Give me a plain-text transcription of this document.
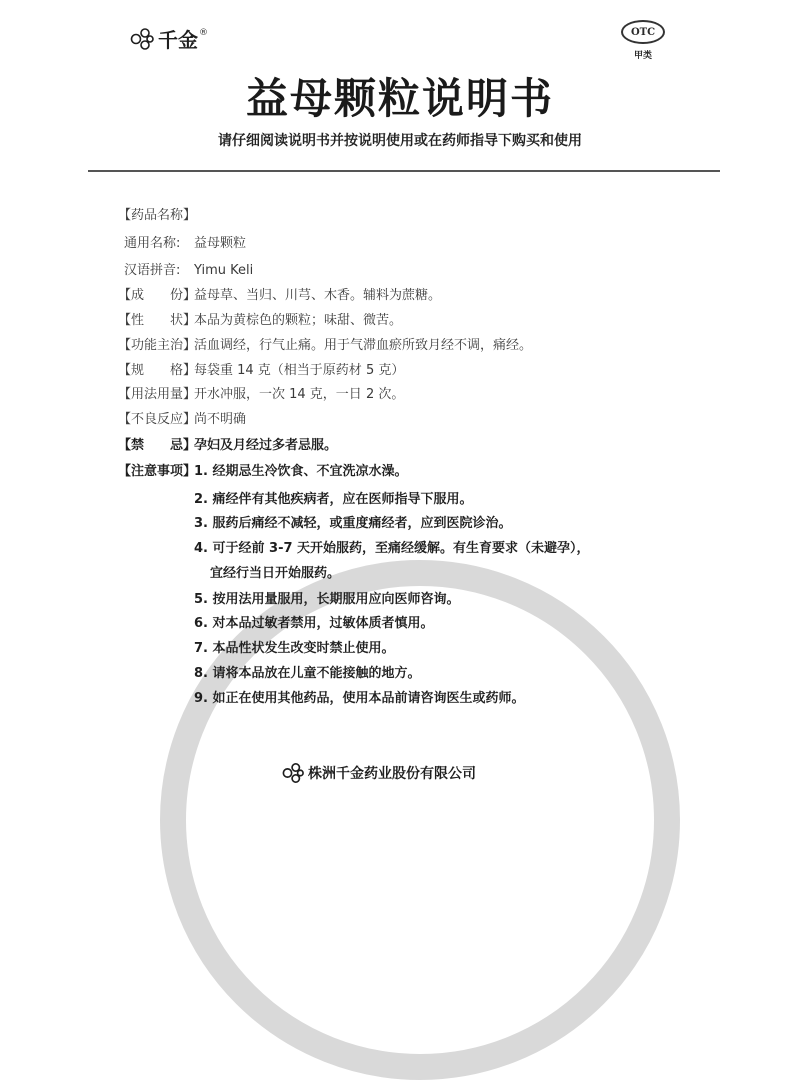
千金 ®	OTC
甲类
益母颗粒说明书
请仔细阅读说明书并按说明使用或在药师指导下购买和使用
【药品名称】
通用名称:	益母颗粒
汉语拼音:	Yimu Keli
【成　　份】
益母草、当归、川芎、木香。辅料为蔗糖。
【性　　状】
本品为黄棕色的颗粒；味甜、微苦。
【功能主治】
活血调经，行气止痛。用于气滞血瘀所致月经不调，痛经。
【规　　格】
每袋重 14 克（相当于原药材 5 克）
【用法用量】
开水冲服，一次 14 克，一日 2 次。
【不良反应】
尚不明确
【禁　　忌】
孕妇及月经过多者忌服。
【注意事项】
1. 经期忌生冷饮食、不宜洗凉水澡。
2. 痛经伴有其他疾病者，应在医师指导下服用。
3. 服药后痛经不减轻，或重度痛经者，应到医院诊治。
4. 可于经前 3-7 天开始服药，至痛经缓解。有生育要求（未避孕），
宜经行当日开始服药。
5. 按用法用量服用，长期服用应向医师咨询。
6. 对本品过敏者禁用，过敏体质者慎用。
7. 本品性状发生改变时禁止使用。
8. 请将本品放在儿童不能接触的地方。
9. 如正在使用其他药品，使用本品前请咨询医生或药师。
株洲千金药业股份有限公司
